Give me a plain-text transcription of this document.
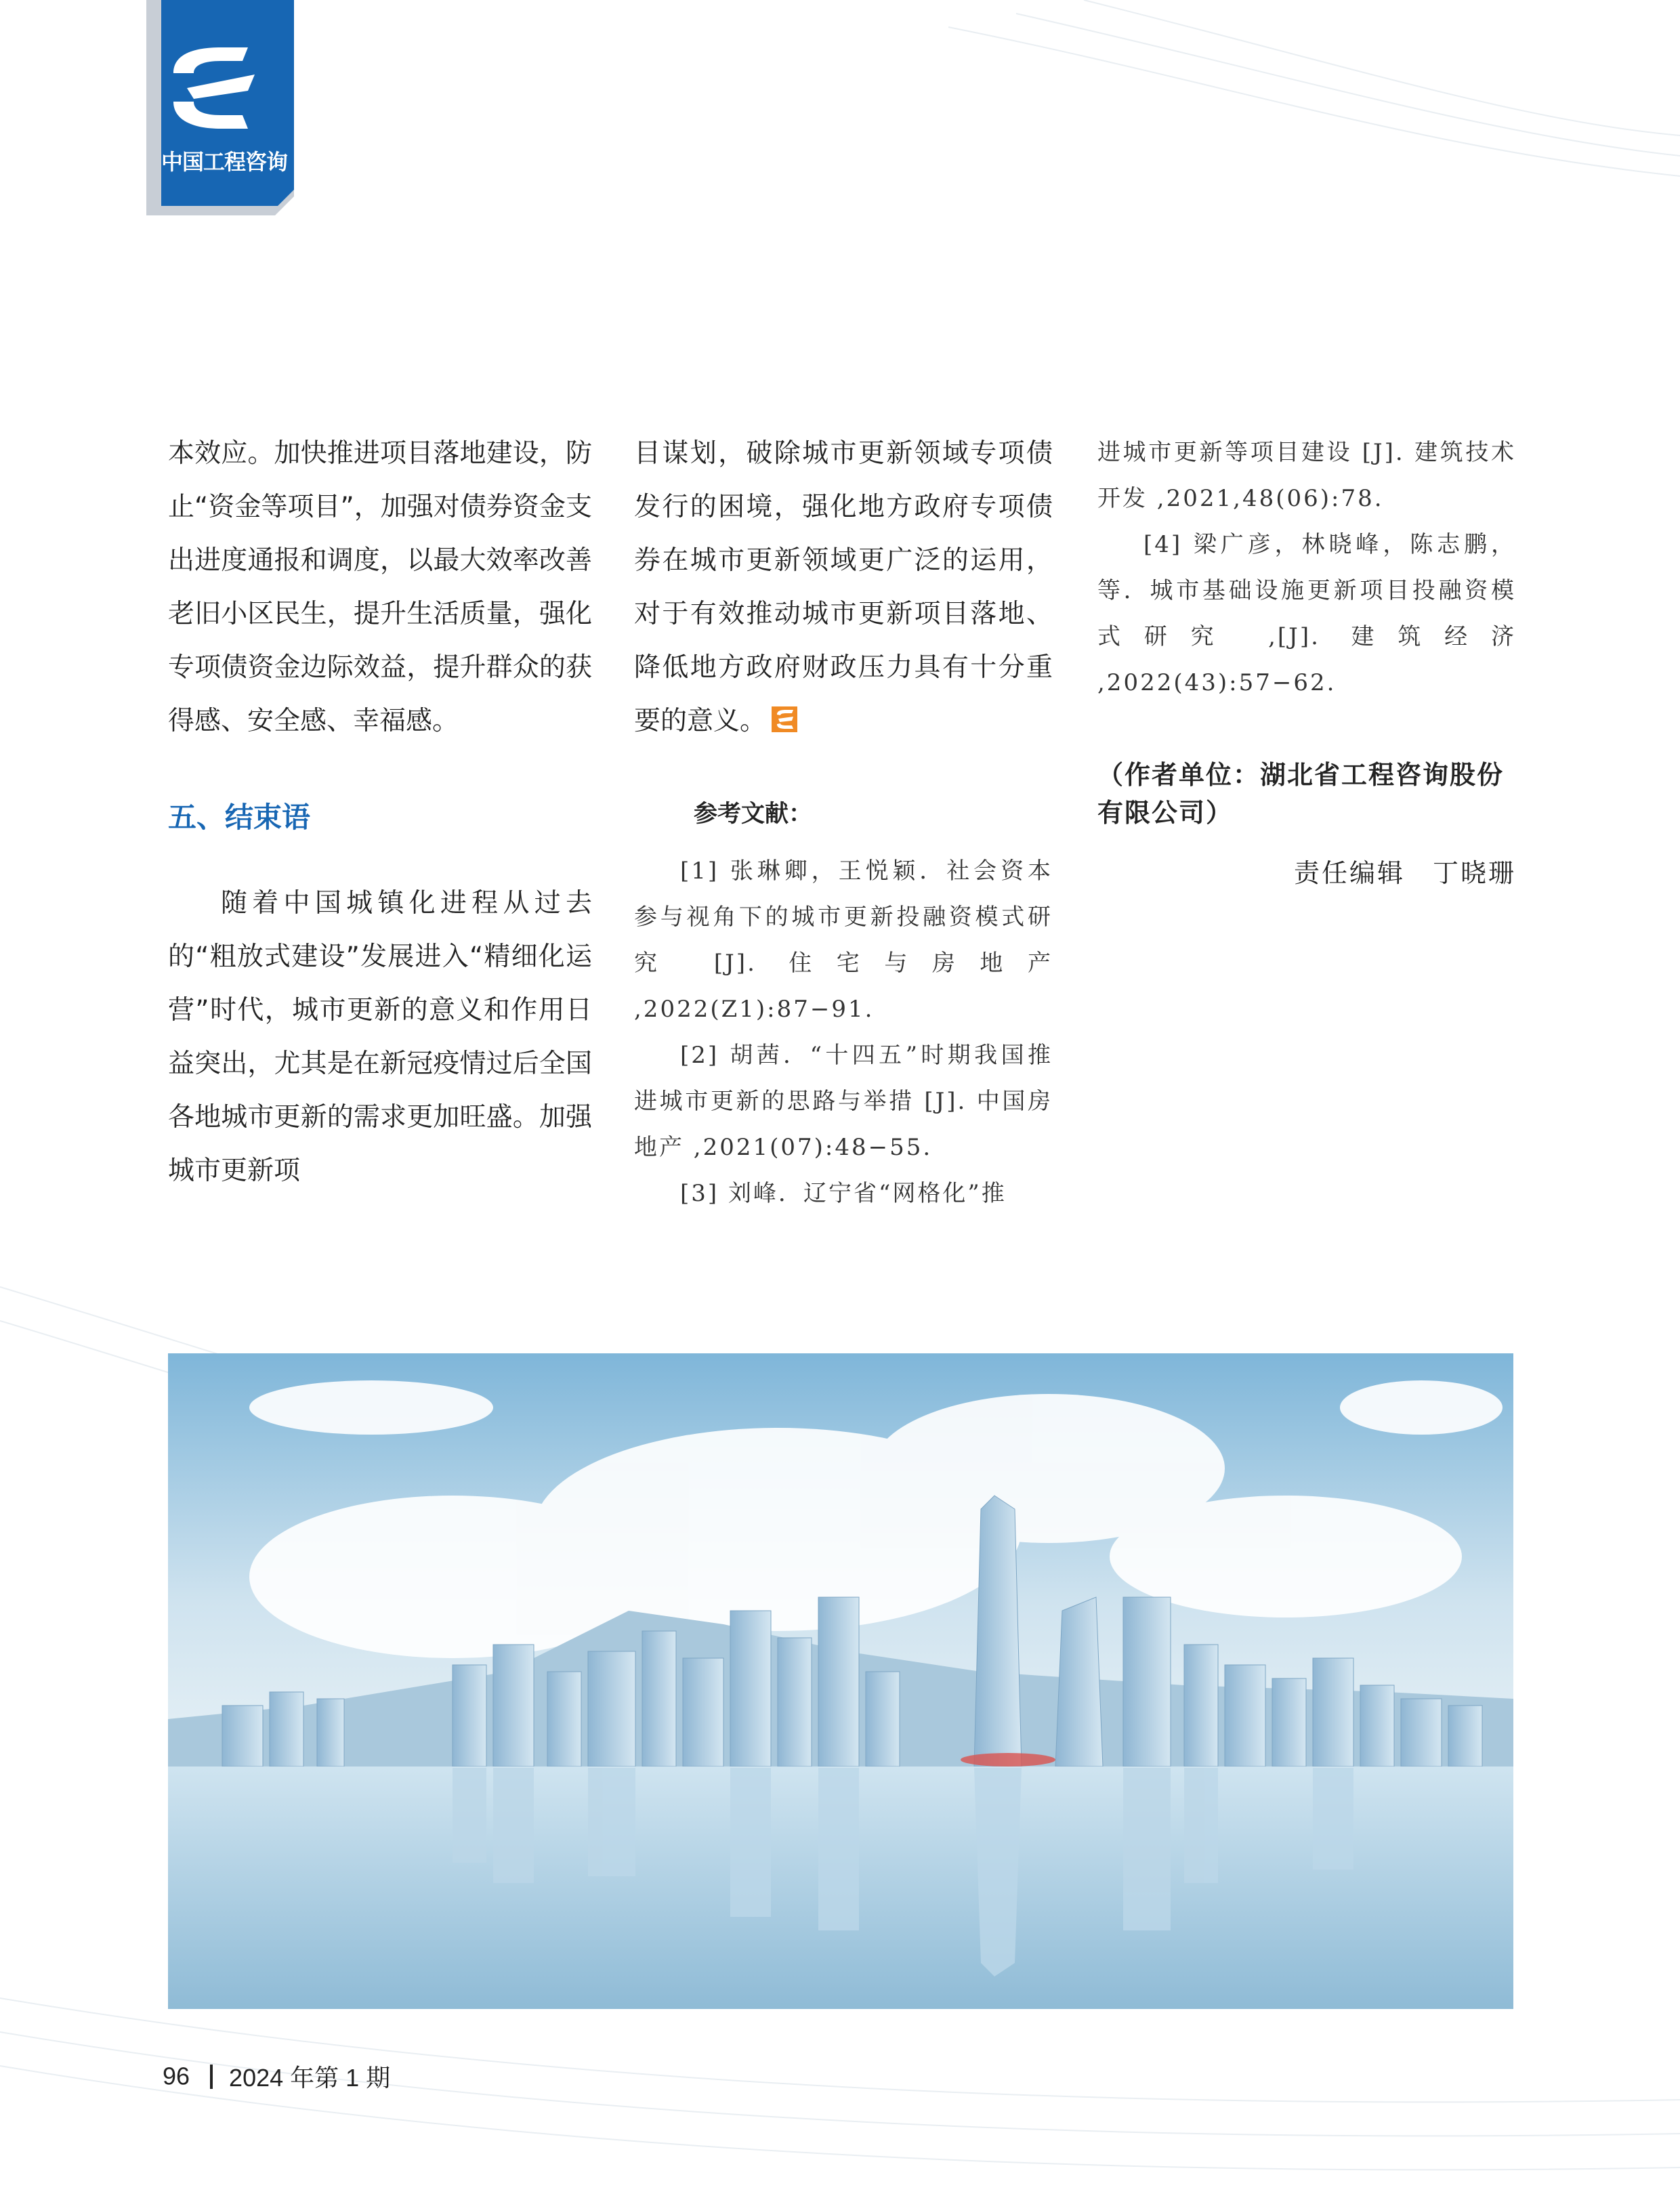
中国工程咨询

本效应。加快推进项目落地建设，防止“资金等项目”，加强对债券资金支出进度通报和调度，以最大效率改善老旧小区民生，提升生活质量，强化专项债资金边际效益，提升群众的获得感、安全感、幸福感。

五、结束语

随着中国城镇化进程从过去的“粗放式建设”发展进入“精细化运营”时代，城市更新的意义和作用日益突出，尤其是在新冠疫情过后全国各地城市更新的需求更加旺盛。加强城市更新项

目谋划，破除城市更新领域专项债发行的困境，强化地方政府专项债券在城市更新领域更广泛的运用，对于有效推动城市更新项目落地、降低地方政府财政压力具有十分重要的意义。

参考文献：

[1] 张琳卿，王悦颖．社会资本参与视角下的城市更新投融资模式研究 [J]. 住宅与房地产 ,2022(Z1):87−91.

[2] 胡茜．“十四五”时期我国推进城市更新的思路与举措 [J]. 中国房地产 ,2021(07):48−55.

[3] 刘峰．辽宁省“网格化”推

进城市更新等项目建设 [J]. 建筑技术开发 ,2021,48(06):78.

[4] 梁广彦，林晓峰，陈志鹏，等．城市基础设施更新项目投融资模式研究 ,[J]. 建筑经济 ,2022(43):57−62.

（作者单位：湖北省工程咨询股份有限公司）

责任编辑　丁晓珊

96 2024 年第 1 期
